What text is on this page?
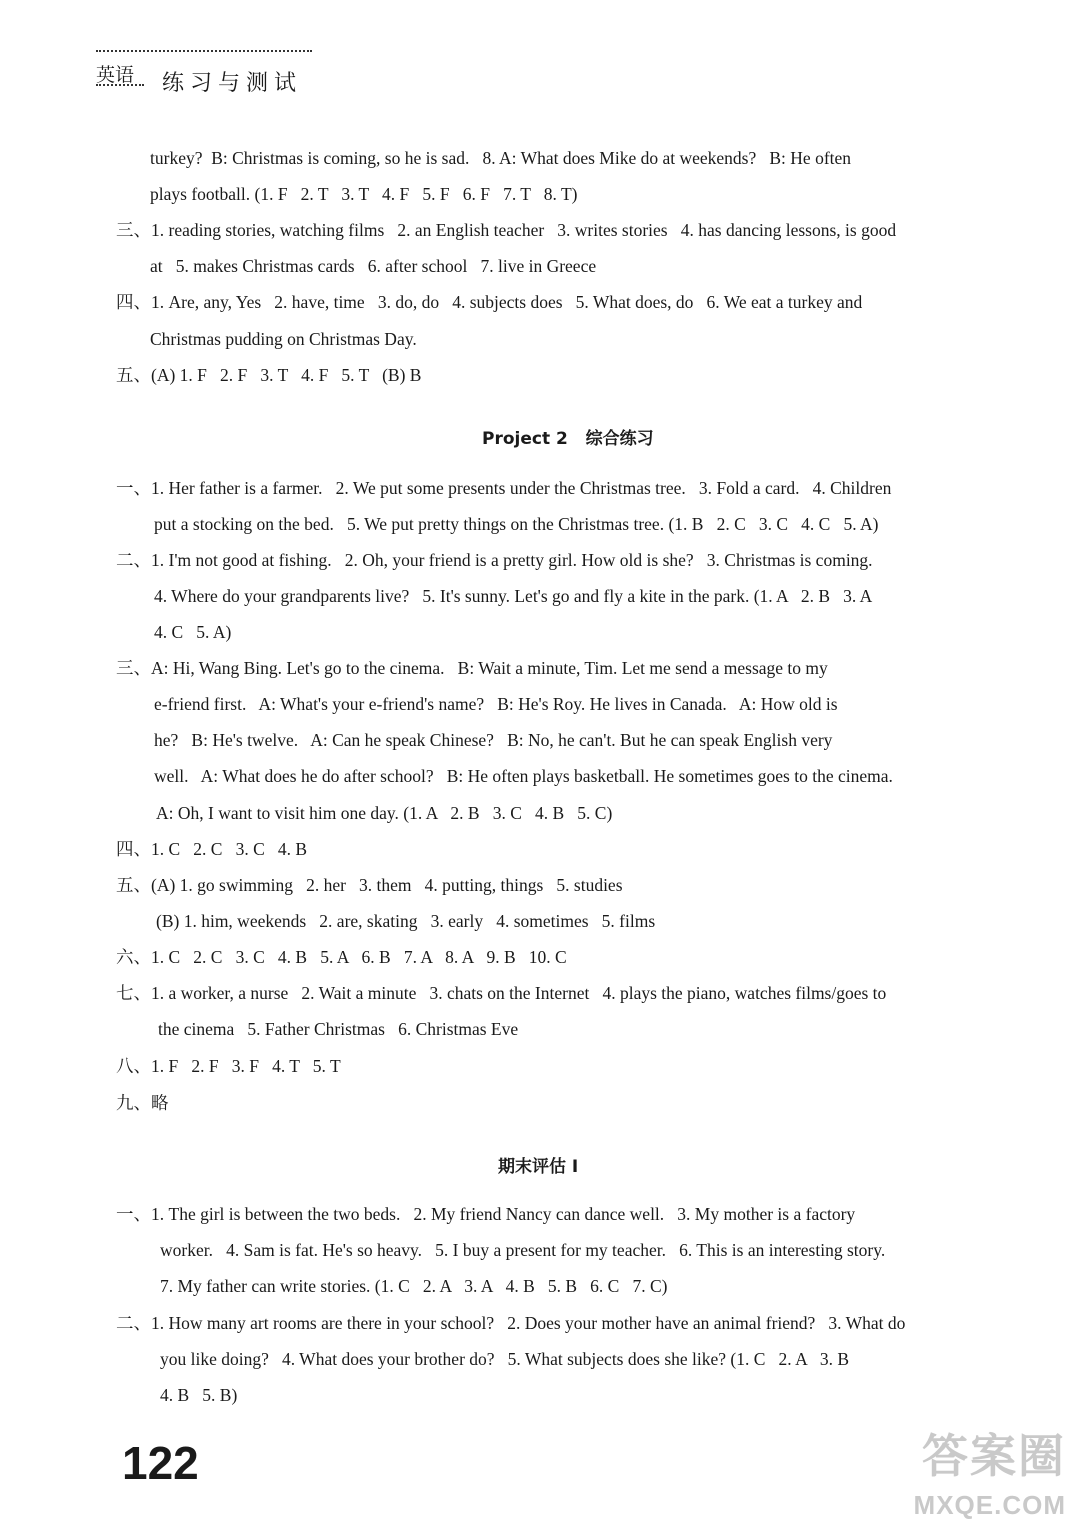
英语 练习与测试
turkey?  B: Christmas is coming, so he is sad.   8. A: What does Mike do at weekends?   B: He often
plays football. (1. F   2. T   3. T   4. F   5. F   6. F   7. T   8. T)
三、1. reading stories, watching films   2. an English teacher   3. writes stories   4. has dancing lessons, is good
at   5. makes Christmas cards   6. after school   7. live in Greece
四、1. Are, any, Yes   2. have, time   3. do, do   4. subjects does   5. What does, do   6. We eat a turkey and
Christmas pudding on Christmas Day.
五、(A) 1. F   2. F   3. T   4. F   5. T   (B) B
Project 2   综合练习
一、1. Her father is a farmer.   2. We put some presents under the Christmas tree.   3. Fold a card.   4. Children
put a stocking on the bed.   5. We put pretty things on the Christmas tree. (1. B   2. C   3. C   4. C   5. A)
二、1. I'm not good at fishing.   2. Oh, your friend is a pretty girl. How old is she?   3. Christmas is coming.
4. Where do your grandparents live?   5. It's sunny. Let's go and fly a kite in the park. (1. A   2. B   3. A
4. C   5. A)
三、A: Hi, Wang Bing. Let's go to the cinema.   B: Wait a minute, Tim. Let me send a message to my
e-friend first.   A: What's your e-friend's name?   B: He's Roy. He lives in Canada.   A: How old is
he?   B: He's twelve.   A: Can he speak Chinese?   B: No, he can't. But he can speak English very
well.   A: What does he do after school?   B: He often plays basketball. He sometimes goes to the cinema.
A: Oh, I want to visit him one day. (1. A   2. B   3. C   4. B   5. C)
四、1. C   2. C   3. C   4. B
五、(A) 1. go swimming   2. her   3. them   4. putting, things   5. studies
(B) 1. him, weekends   2. are, skating   3. early   4. sometimes   5. films
六、1. C   2. C   3. C   4. B   5. A   6. B   7. A   8. A   9. B   10. C
七、1. a worker, a nurse   2. Wait a minute   3. chats on the Internet   4. plays the piano, watches films/goes to
the cinema   5. Father Christmas   6. Christmas Eve
八、1. F   2. F   3. F   4. T   5. T
九、略
期末评估 I
一、1. The girl is between the two beds.   2. My friend Nancy can dance well.   3. My mother is a factory
worker.   4. Sam is fat. He's so heavy.   5. I buy a present for my teacher.   6. This is an interesting story.
7. My father can write stories. (1. C   2. A   3. A   4. B   5. B   6. C   7. C)
二、1. How many art rooms are there in your school?   2. Does your mother have an animal friend?   3. What do
you like doing?   4. What does your brother do?   5. What subjects does she like? (1. C   2. A   3. B
4. B   5. B)
122	答案圈
MXQE.COM
